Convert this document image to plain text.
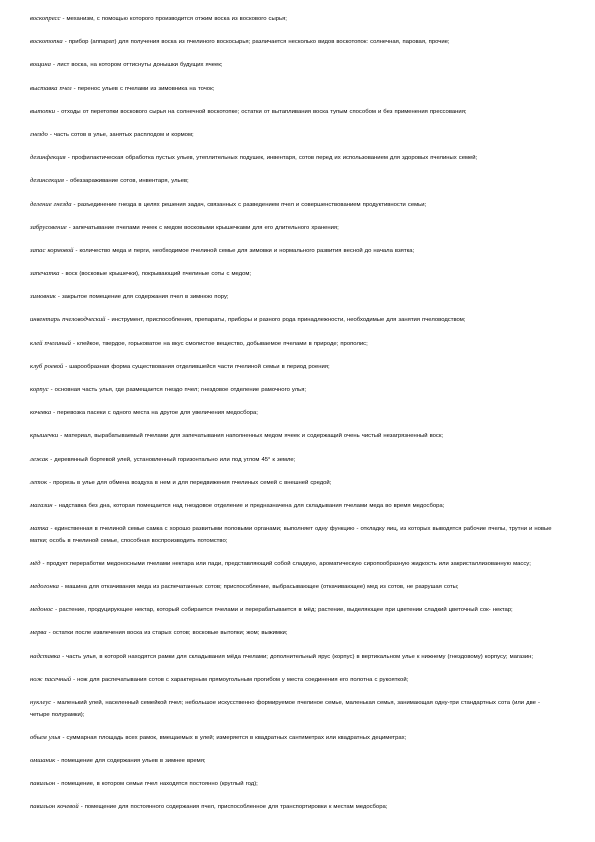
воскопресс - механизм, с помощью которого производится отжим воска из воскового сырья;

воскотопка - прибор (аппарат) для получения воска из пчелиного воскосырья; различается несколько видов воскотопок: солнечная, паровая, прочие;

вощина - лист воска, на котором оттиснуты донышки будущих ячеек;

выставка пчел - перенос ульев с пчелами из зимовника на точок;

вытопки - отходы от перетопки воскового сырья на солнечной воскотопке; остатки от вытапливания воска тупым способом и без применения прессования;

гнездо - часть сотов в улье, занятых расплодом и кормом;

дезинфекция - профилактическая обработка пустых ульев, утеплительных подушек, инвентаря, сотов перед их использованием для здоровых пчелиных семей;

дезинсекция - обеззараживание сотов, инвентаря, ульев;

деление гнезда - разъединение гнезда в целях решения задач, связанных с разведением пчел и совершенствованием продуктивности семьи;

забрусовение - запечатывание пчелами ячеек с медом восковыми крышечками для его длительного хранения;

запас кормовой - количество меда и перги, необходимое пчелиной семье для зимовки и нормального развития весной до начала взятка;

запечатка - воск (восковые крышечки), покрывающий пчелиные соты с медом;

зимовник - закрытое помещение для содержания пчел в зимнюю пору;

инвентарь пчеловодческий - инструмент, приспособления, препараты, приборы и разного рода принадлежности, необходимые для занятия пчеловодством;

клей пчелиный - клейкое, твердое, горьковатое на вкус смолистое вещество, добываемое пчелами в природе; прополис;

клуб роевой - шарообразная форма существования отделившейся части пчелиной семьи в период роения;

корпус - основная часть улья, где размещается гнездо пчел; гнездовое отделение рамочного улья;

кочевка - перевозка пасеки с одного места на другое для увеличения медосбора;

крышечки - материал, вырабатываемый пчелами для запечатывания наполненных медом ячеек и содержащий очень чистый незагрязненный воск;

лежак - деревянный бортевой улей, установленный горизонтально или под углом 45° к земле;

леток - прорезь в улье для обмена воздуха в нем и для передвижения пчелиных семей с внешней средой;

магазин - надставка без дна, которая помещается над гнездовое отделение и предназначена для складывания пчелами меда во время медосбора;

матка - единственная в пчелиной семье самка с хорошо развитыми половыми органами; выполняет одну функцию - откладку яиц, из которых выводятся рабочие пчелы, трутни и новые матки; особь в пчелиной семье, способная воспроизводить потомство;

мёд - продукт переработки медоносными пчелами нектара или пади, представляющий собой сладкую, ароматическую сиропообразную жидкость или закристаллизованную массу;

медогонка - машина для откачивания меда из распечатанных сотов; приспособление, выбрасывающее (откачивающее) мед из сотов, не разрушая соты;

медонос - растение, продуцирующее нектар, который собирается пчелами и перерабатывается в мёд; растение, выделяющее при цветении сладкий цветочный сок- нектар;

мерва - остатки после извлечения воска из старых сотов; восковые вытопки; жом; выжимки;

надставка - часть улья, в которой находятся рамки для складывания мёда пчелами; дополнительный ярус (корпус) в вертикальном улье к нижнему (гнездовому) корпусу; магазин;

нож пасечный - нож для распечатывания сотов с характерным прямоугольным прогибом у места соединения его полотна с рукояткой;

нуклеус - маленький улей, населенный семейкой пчел; небольшое искусственно формируемое пчелиное семье, маленькая семья, занимающая одну-три стандартных сота (или две - четыре полурамки);

объем улья - суммарная площадь всех рамок, вмещаемых в улей; измеряется в квадратных сантиметрах или квадратных дециметрах;

омшаник - помещение для содержания ульев в зимнее время;

павильон - помещение, в котором семьи пчел находятся постоянно (круглый год);

павильон кочевой - помещение для постоянного содержания пчел, приспособленное для транспортировки к местам медосбора;
